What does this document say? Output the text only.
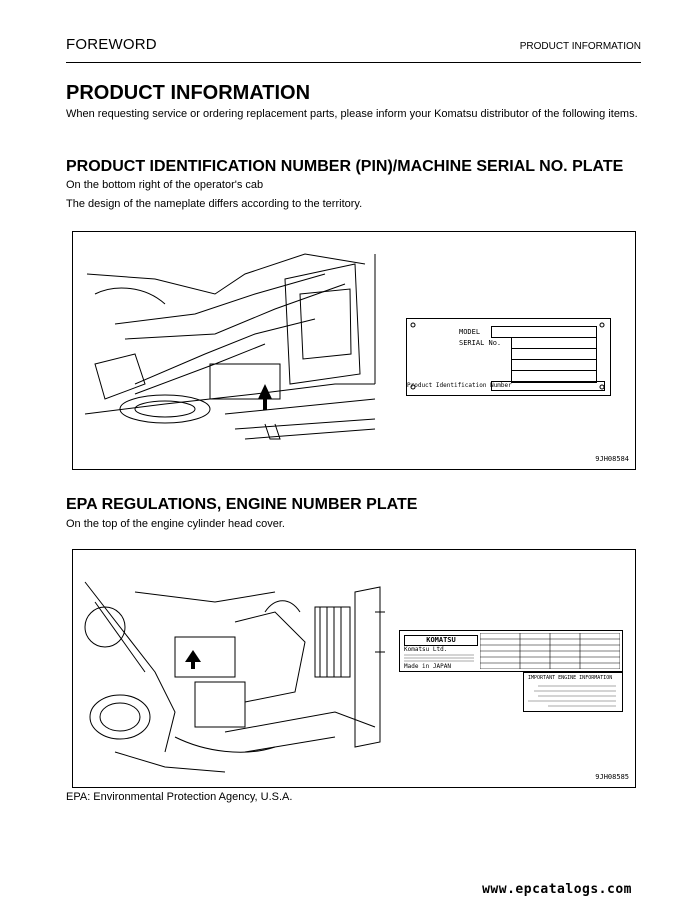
FOREWORD	PRODUCT INFORMATION
PRODUCT INFORMATION
When requesting service or ordering replacement parts, please inform your Komatsu distributor of the following items.
PRODUCT IDENTIFICATION NUMBER (PIN)/MACHINE SERIAL NO. PLATE
On the bottom right of the operator's cab
The design of the nameplate differs according to the territory.
MODEL
SERIAL No.
Product Identification Number
9JH08584
EPA REGULATIONS, ENGINE NUMBER PLATE
On the top of the engine cylinder head cover.
KOMATSU
Komatsu Ltd.
Made in JAPAN
IMPORTANT ENGINE INFORMATION
9JH08585
EPA: Environmental Protection Agency, U.S.A.
www.epcatalogs.com
